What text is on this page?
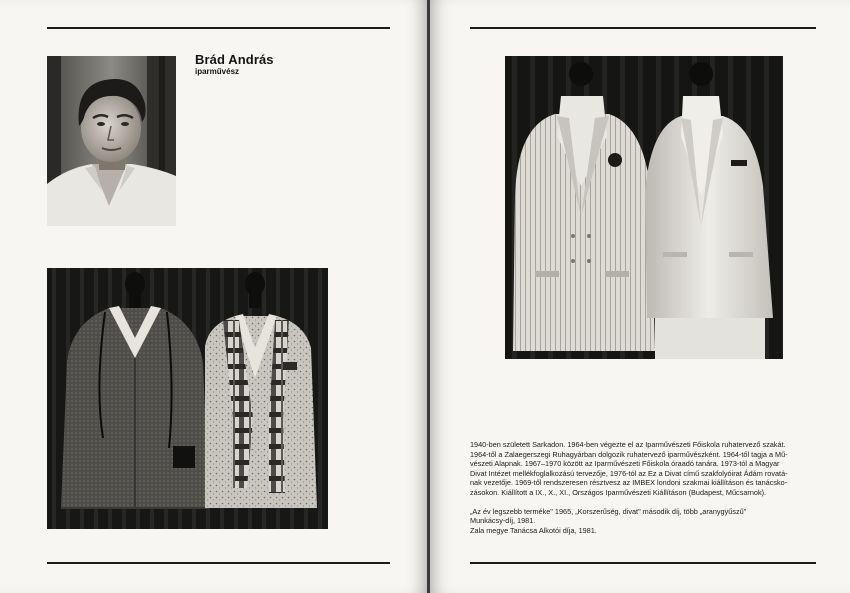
Brád András
iparművész

1940-ben született Sarkadon. 1964-ben végezte el az Iparművészeti Főiskola ruhatervező szakát.

1964-től a Zalaegerszegi Ruhagyárban dolgozik ruhatervező iparművészként. 1964-től tagja a Mű-

vészeti Alapnak. 1967–1970 között az Iparművészeti Főiskola óraadó tanára. 1973-tól a Magyar

Divat Intézet mellékfoglalkozású tervezője, 1976-tól az Ez a Divat című szakfolyóirat Ádám rovatá-

nak vezetője. 1969-től rendszeresen résztvesz az IMBEX londoni szakmai kiállításon és tanácsko-

zásokon. Kiállított a IX., X., XI., Országos Iparművészeti Kiállításon (Budapest, Műcsarnok).

„Az év legszebb terméke" 1965, „Korszerűség, divat" második díj, több „aranygyűszű"

Munkácsy-díj, 1981.

Zala megye Tanácsa Alkotói díja, 1981.
